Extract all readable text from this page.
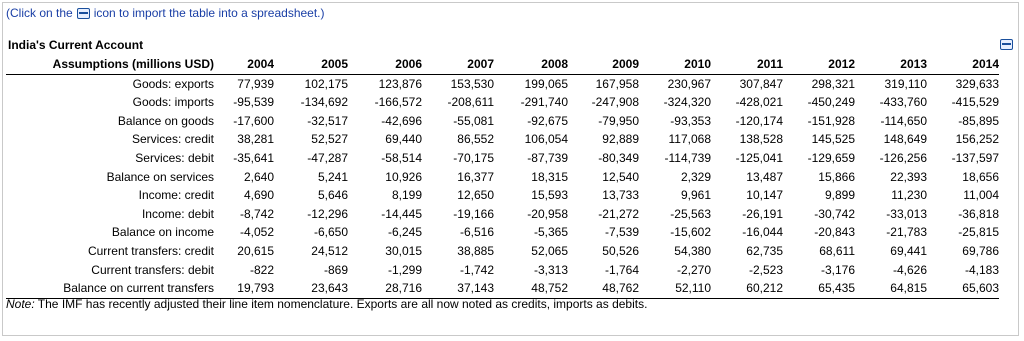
(Click on the icon to import the table into a spreadsheet.)
India's Current Account
Assumptions (millions USD)	2004	2005	2006	2007	2008	2009	2010	2011	2012	2013	2014
Goods: exports	77,939	102,175	123,876	153,530	199,065	167,958	230,967	307,847	298,321	319,110	329,633
Goods: imports	-95,539	-134,692	-166,572	-208,611	-291,740	-247,908	-324,320	-428,021	-450,249	-433,760	-415,529
Balance on goods	-17,600	-32,517	-42,696	-55,081	-92,675	-79,950	-93,353	-120,174	-151,928	-114,650	-85,895
Services: credit	38,281	52,527	69,440	86,552	106,054	92,889	117,068	138,528	145,525	148,649	156,252
Services: debit	-35,641	-47,287	-58,514	-70,175	-87,739	-80,349	-114,739	-125,041	-129,659	-126,256	-137,597
Balance on services	2,640	5,241	10,926	16,377	18,315	12,540	2,329	13,487	15,866	22,393	18,656
Income: credit	4,690	5,646	8,199	12,650	15,593	13,733	9,961	10,147	9,899	11,230	11,004
Income: debit	-8,742	-12,296	-14,445	-19,166	-20,958	-21,272	-25,563	-26,191	-30,742	-33,013	-36,818
Balance on income	-4,052	-6,650	-6,245	-6,516	-5,365	-7,539	-15,602	-16,044	-20,843	-21,783	-25,815
Current transfers: credit	20,615	24,512	30,015	38,885	52,065	50,526	54,380	62,735	68,611	69,441	69,786
Current transfers: debit	-822	-869	-1,299	-1,742	-3,313	-1,764	-2,270	-2,523	-3,176	-4,626	-4,183
Balance on current transfers	19,793	23,643	28,716	37,143	48,752	48,762	52,110	60,212	65,435	64,815	65,603
Note: The IMF has recently adjusted their line item nomenclature. Exports are all now noted as credits, imports as debits.
